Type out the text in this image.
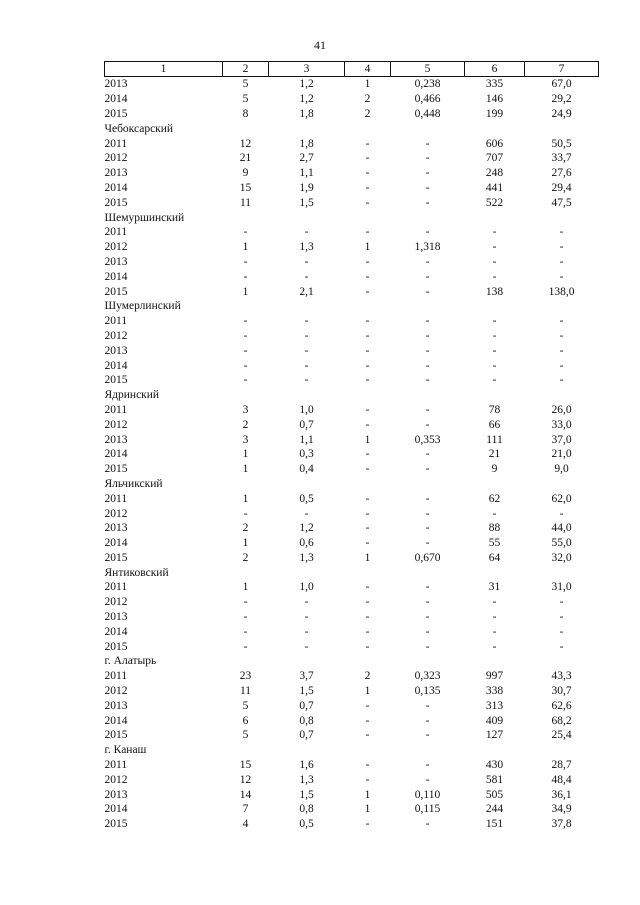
41
1	2	3	4	5	6	7
2013	5	1,2	1	0,238	335	67,0
2014	5	1,2	2	0,466	146	29,2
2015	8	1,8	2	0,448	199	24,9
Чебоксарский						
2011	12	1,8	-	-	606	50,5
2012	21	2,7	-	-	707	33,7
2013	9	1,1	-	-	248	27,6
2014	15	1,9	-	-	441	29,4
2015	11	1,5	-	-	522	47,5
Шемуршинский						
2011	-	-	-	-	-	-
2012	1	1,3	1	1,318	-	-
2013	-	-	-	-	-	-
2014	-	-	-	-	-	-
2015	1	2,1	-	-	138	138,0
Шумерлинский						
2011	-	-	-	-	-	-
2012	-	-	-	-	-	-
2013	-	-	-	-	-	-
2014	-	-	-	-	-	-
2015	-	-	-	-	-	-
Ядринский						
2011	3	1,0	-	-	78	26,0
2012	2	0,7	-	-	66	33,0
2013	3	1,1	1	0,353	111	37,0
2014	1	0,3	-	-	21	21,0
2015	1	0,4	-	-	9	9,0
Яльчикский						
2011	1	0,5	-	-	62	62,0
2012	-	-	-	-	-	-
2013	2	1,2	-	-	88	44,0
2014	1	0,6	-	-	55	55,0
2015	2	1,3	1	0,670	64	32,0
Янтиковский						
2011	1	1,0	-	-	31	31,0
2012	-	-	-	-	-	-
2013	-	-	-	-	-	-
2014	-	-	-	-	-	-
2015	-	-	-	-	-	-
г. Алатырь						
2011	23	3,7	2	0,323	997	43,3
2012	11	1,5	1	0,135	338	30,7
2013	5	0,7	-	-	313	62,6
2014	6	0,8	-	-	409	68,2
2015	5	0,7	-	-	127	25,4
г. Канаш						
2011	15	1,6	-	-	430	28,7
2012	12	1,3	-	-	581	48,4
2013	14	1,5	1	0,110	505	36,1
2014	7	0,8	1	0,115	244	34,9
2015	4	0,5	-	-	151	37,8
